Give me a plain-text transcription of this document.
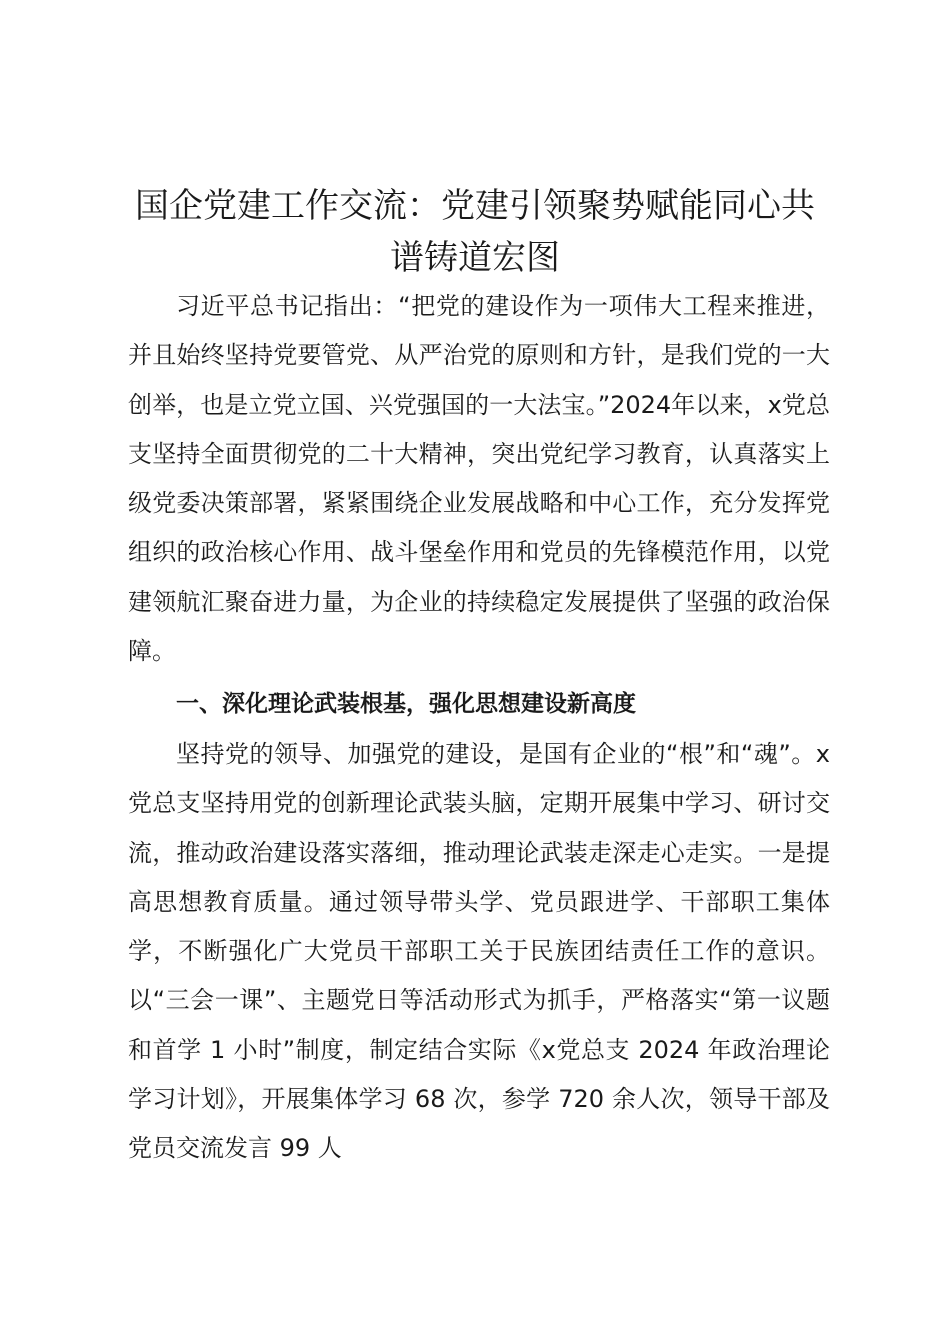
国企党建工作交流：党建引领聚势赋能同心共
谱铸道宏图

习近平总书记指出：“把党的建设作为一项伟大工程来推进，并且始终坚持党要管党、从严治党的原则和方针，是我们党的一大创举，也是立党立国、兴党强国的一大法宝。”2024年以来，x党总支坚持全面贯彻党的二十大精神，突出党纪学习教育，认真落实上级党委决策部署，紧紧围绕企业发展战略和中心工作，充分发挥党组织的政治核心作用、战斗堡垒作用和党员的先锋模范作用，以党建领航汇聚奋进力量，为企业的持续稳定发展提供了坚强的政治保障。

一、深化理论武装根基，强化思想建设新高度

坚持党的领导、加强党的建设，是国有企业的“根”和“魂”。x党总支坚持用党的创新理论武装头脑，定期开展集中学习、研讨交流，推动政治建设落实落细，推动理论武装走深走心走实。一是提高思想教育质量。通过领导带头学、党员跟进学、干部职工集体学，不断强化广大党员干部职工关于民族团结责任工作的意识。以“三会一课”、主题党日等活动形式为抓手，严格落实“第一议题和首学 1 小时”制度，制定结合实际《x党总支 2024 年政治理论学习计划》，开展集体学习 68 次，参学 720 余人次，领导干部及党员交流发言 99 人
